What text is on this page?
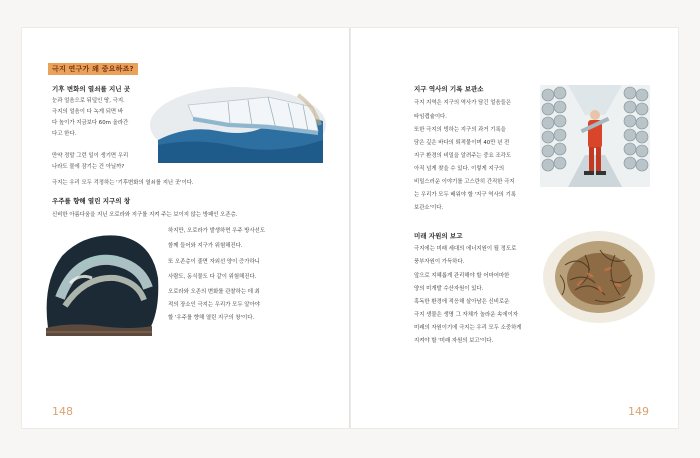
극지 연구가 왜 중요하죠?
기후 변화의 열쇠를 지닌 곳
눈과 얼음으로 뒤덮인 땅, 극지.
극지의 얼음이 다 녹게 되면 바
다 높이가 지금보다 60m 올라간
다고 한다.
만약 정말 그런 일이 생기면 우리
나라도 물에 잠기는 건 아닐까?
극지는 우리 모두 걱정하는 '기후변화의 열쇠를 지닌 곳'이다.
우주를 향해 열린 지구의 창
신비한 아름다움을 지닌 오로라와 지구를 지켜 주는 보이지 않는 방패인 오존층.
하지만, 오로라가 발생하면 우주 방사선도
함께 들어와 지구가 위험해진다.
또 오존층이 줄면 자외선 양이 증가하니
사람도, 동식물도 다 같이 위험해진다.
오로라와 오존의 변화를 관찰하는 데 최
적의 장소인 극지는 우리가 모두 알아야
할 '우주를 향해 열린 지구의 창'이다.
지구 역사의 기록 보관소
극지 지역은 지구의 역사가 담긴 얼음들은
타임캡슐이다.
또한 극지의 빙하는 지구의 과거 기록을
담은 깊은 바다의 퇴적물이며 40만 년 전
지구 환경의 비밀을 알려주는 중요 조각도
아직 넘게 찾을 수 있다. 이렇게 지구의
비밀스러운 이야기를 고스란히 간직한 극지
는 우리가 모두 배워야 할 '지구 역사의 기록
보관소'이다.
미래 자원의 보고
극지에는 미래 세대의 에너지원이 될 정도로
풍부자원이 가득하다.
앞으로 지혜롭게 관리해야 할 어마어마한
양의 미개발 수산자원이 있다.
혹독한 환경에 적응해 살아남은 신비로운
극지 생물은 생명 그 자체가 놀라운 속에이자
미래의 자원이기에 극지는 우리 모두 소중하게
지켜야 할 '미래 자원의 보고'이다.
148	149
